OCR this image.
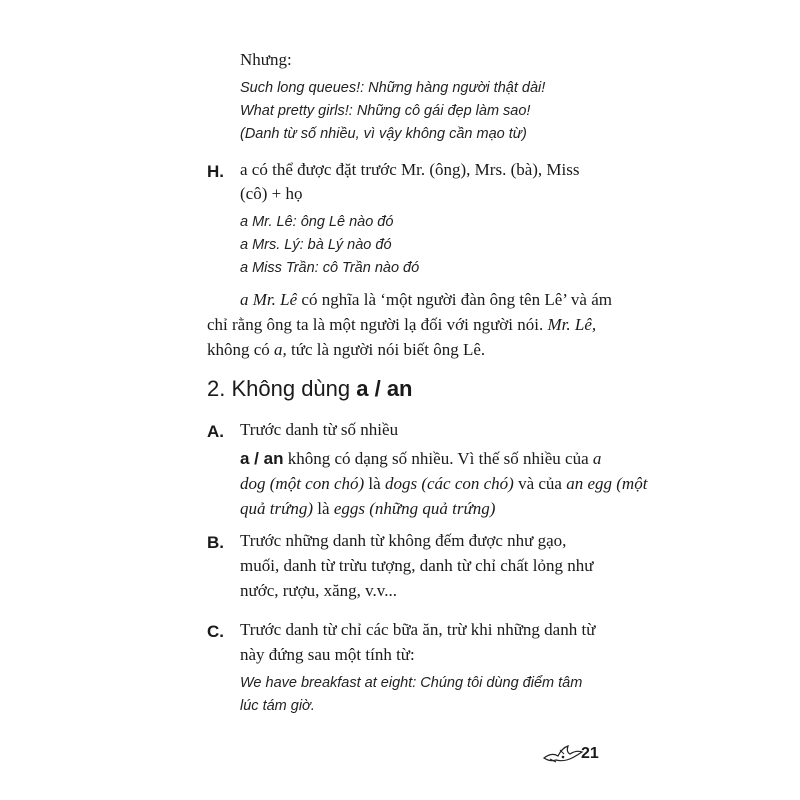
Nhưng:
Such long queues!: Những hàng người thật dài!
What pretty girls!: Những cô gái đẹp làm sao!
(Danh từ số nhiều, vì vậy không cần mạo từ)
H. a có thể được đặt trước Mr. (ông), Mrs. (bà), Miss
(cô) + họ
a Mr. Lê: ông Lê nào đó
a Mrs. Lý: bà Lý nào đó
a Miss Trần: cô Trần nào đó
a Mr. Lê có nghĩa là ‘một người đàn ông tên Lê’ và ám
chỉ rằng ông ta là một người lạ đối với người nói. Mr. Lê,
không có a, tức là người nói biết ông Lê.
2. Không dùng a / an
A. Trước danh từ số nhiều
a / an không có dạng số nhiều. Vì thế số nhiều của a
dog (một con chó) là dogs (các con chó) và của an egg (một
quả trứng) là eggs (những quả trứng)
B. Trước những danh từ không đếm được như gạo,
muối, danh từ trừu tượng, danh từ chỉ chất lỏng như
nước, rượu, xăng, v.v...
C. Trước danh từ chỉ các bữa ăn, trừ khi những danh từ
này đứng sau một tính từ:
We have breakfast at eight: Chúng tôi dùng điểm tâm
lúc tám giờ.
21
